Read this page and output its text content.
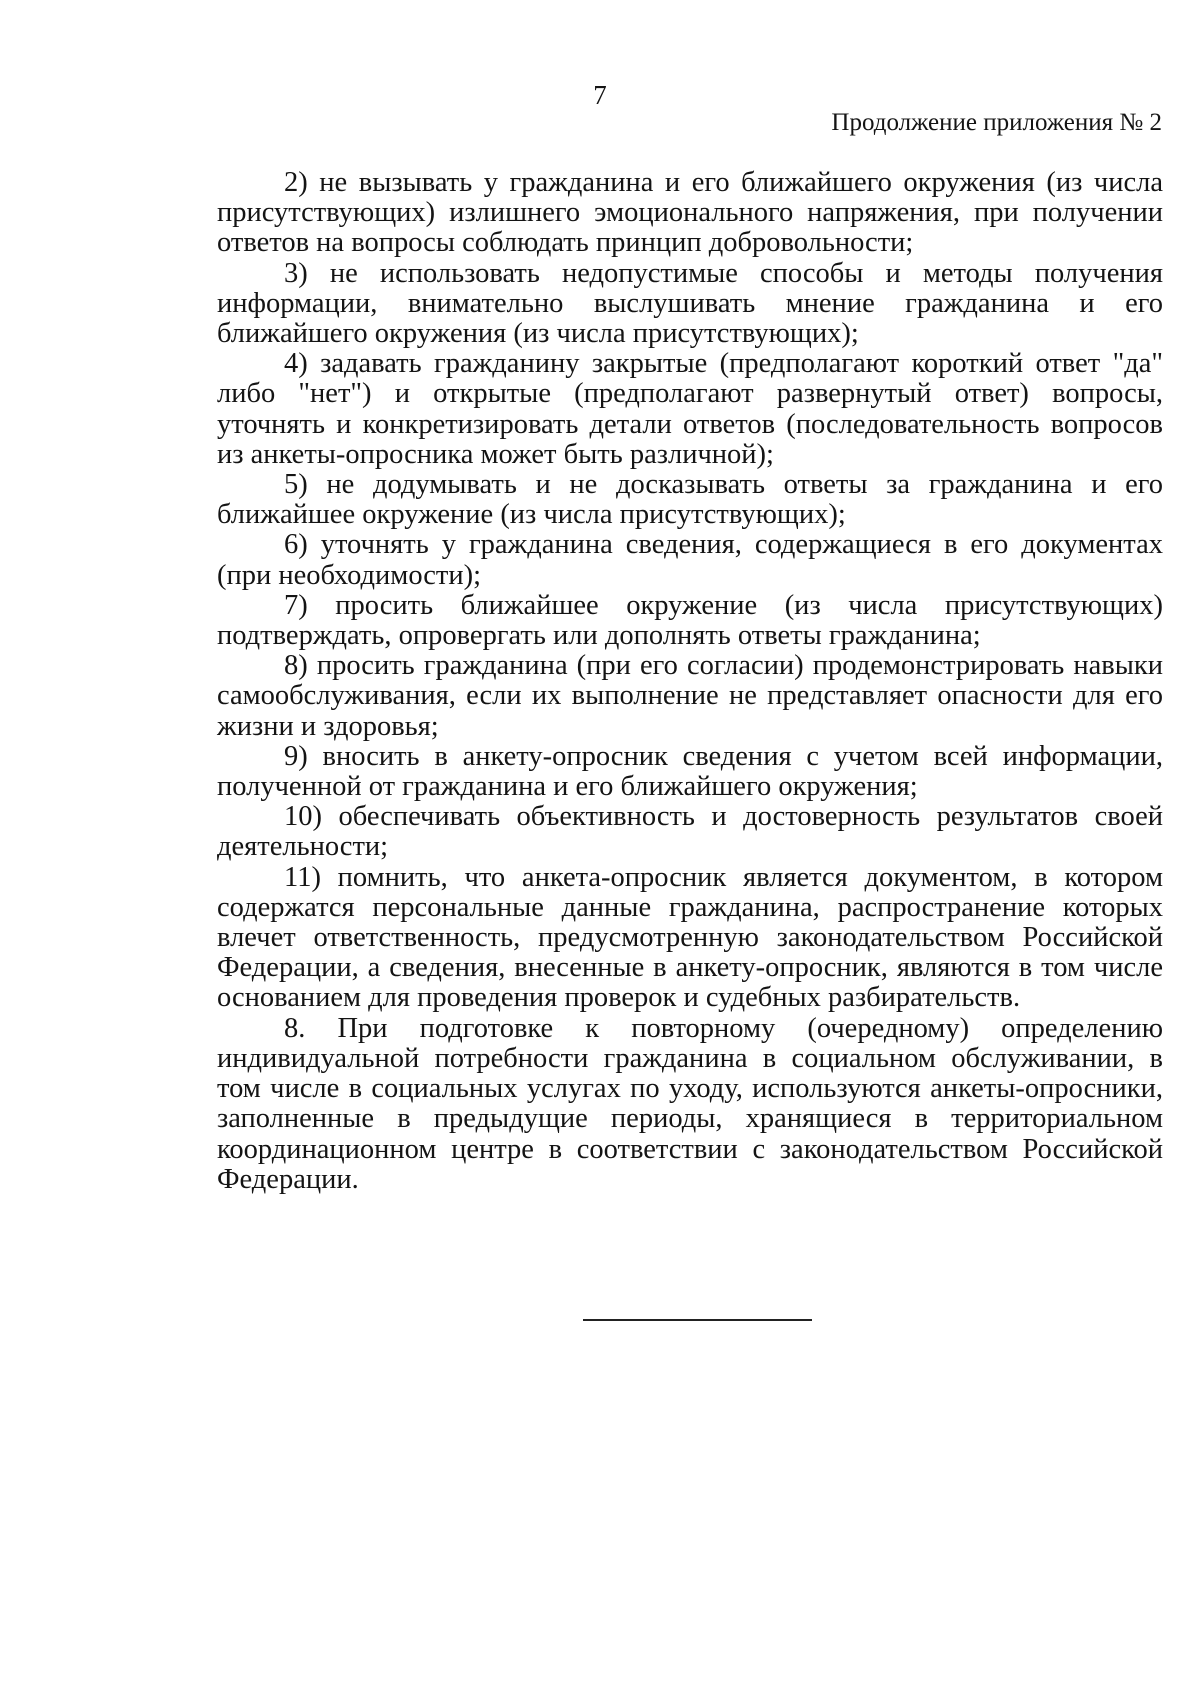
7
Продолжение приложения № 2

2) не вызывать у гражданина и его ближайшего окружения (из числа присутствующих) излишнего эмоционального напряжения, при получении ответов на вопросы соблюдать принцип добровольности;

3) не использовать недопустимые способы и методы получения информации, внимательно выслушивать мнение гражданина и его ближайшего окружения (из числа присутствующих);

4) задавать гражданину закрытые (предполагают короткий ответ "да" либо "нет") и открытые (предполагают развернутый ответ) вопросы, уточнять и конкретизировать детали ответов (последовательность вопросов из анкеты-опросника может быть различной);

5) не додумывать и не досказывать ответы за гражданина и его ближайшее окружение (из числа присутствующих);

6) уточнять у гражданина сведения, содержащиеся в его документах (при необходимости);

7) просить ближайшее окружение (из числа присутствующих) подтверждать, опровергать или дополнять ответы гражданина;

8) просить гражданина (при его согласии) продемонстрировать навыки самообслуживания, если их выполнение не представляет опасности для его жизни и здоровья;

9) вносить в анкету-опросник сведения с учетом всей информации, полученной от гражданина и его ближайшего окружения;

10) обеспечивать объективность и достоверность результатов своей деятельности;

11) помнить, что анкета-опросник является документом, в котором содержатся персональные данные гражданина, распространение которых влечет ответственность, предусмотренную законодательством Российской Федерации, а сведения, внесенные в анкету-опросник, являются в том числе основанием для проведения проверок и судебных разбирательств.

8. При подготовке к повторному (очередному) определению индивидуальной потребности гражданина в социальном обслуживании, в том числе в социальных услугах по уходу, используются анкеты-опросники, заполненные в предыдущие периоды, хранящиеся в территориальном координационном центре в соответствии с законодательством Российской Федерации.
